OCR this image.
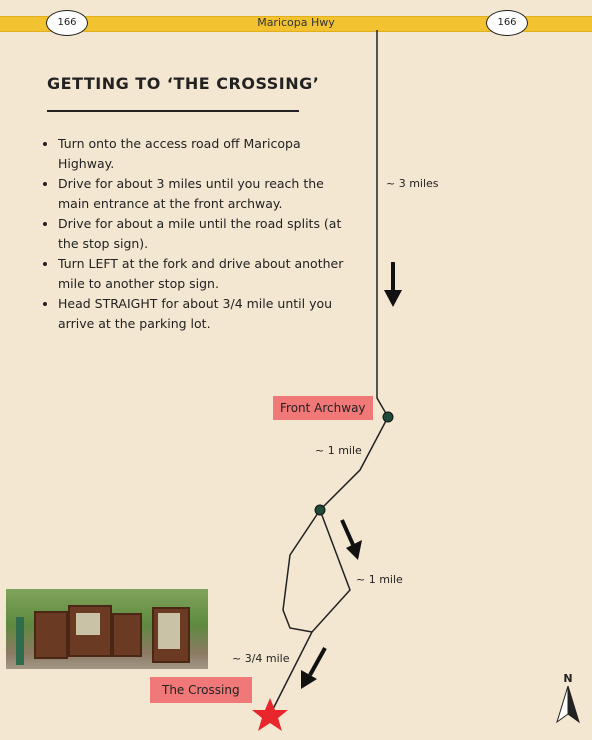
Maricopa Hwy
166	166
GETTING TO ‘THE CROSSING’
• Turn onto the access road off Maricopa Highway.
• Drive for about 3 miles until you reach the main entrance at the front archway.
• Drive for about a mile until the road splits (at the stop sign).
• Turn LEFT at the fork and drive about another mile to another stop sign.
• Head STRAIGHT for about 3/4 mile until you arrive at the parking lot.
~ 3 miles
~ 1 mile
~ 1 mile
~ 3/4 mile
Front Archway
The Crossing
N
